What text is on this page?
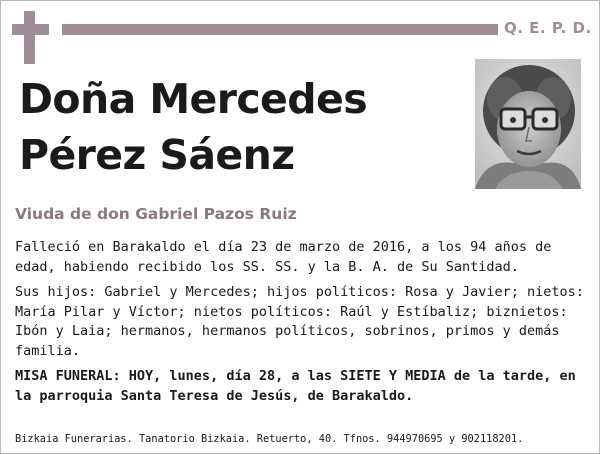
Q. E. P. D.
Doña Mercedes
Pérez Sáenz
Viuda de don Gabriel Pazos Ruiz

Falleció en Barakaldo el día 23 de marzo de 2016, a los 94 años de edad, habiendo recibido los SS. SS. y la B. A. de Su Santidad.

Sus hijos: Gabriel y Mercedes; hijos políticos: Rosa y Javier; nietos: María Pilar y Víctor; nietos políticos: Raúl y Estíbaliz; biznietos: Ibón y Laia; hermanos, hermanos políticos, sobrinos, primos y demás familia.

MISA FUNERAL: HOY, lunes, día 28, a las SIETE Y MEDIA de la tarde, en la parroquia Santa Teresa de Jesús, de Barakaldo.

Bizkaia Funerarias. Tanatorio Bizkaia. Retuerto, 40. Tfnos. 944970695 y 902118201.
